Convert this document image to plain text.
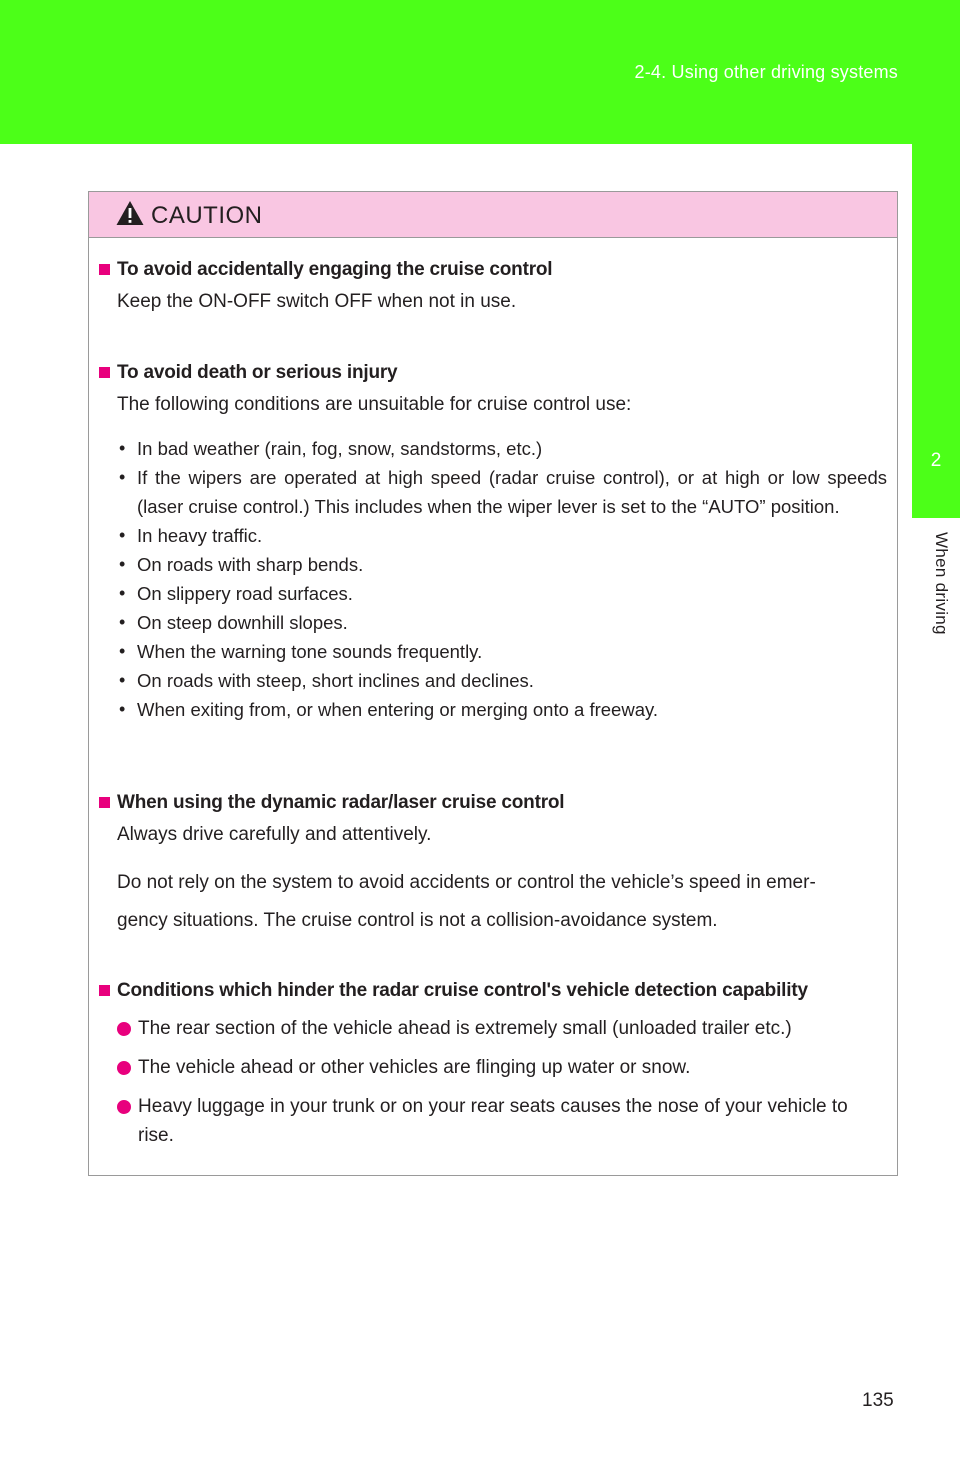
2-4. Using other driving systems
2
When driving
CAUTION
To avoid accidentally engaging the cruise control
Keep the ON-OFF switch OFF when not in use.
To avoid death or serious injury
The following conditions are unsuitable for cruise control use:
• In bad weather (rain, fog, snow, sandstorms, etc.)
• If the wipers are operated at high speed (radar cruise control), or at high or low speeds (laser cruise control.) This includes when the wiper lever is set to the “AUTO” position.
• In heavy traffic.
• On roads with sharp bends.
• On slippery road surfaces.
• On steep downhill slopes.
• When the warning tone sounds frequently.
• On roads with steep, short inclines and declines.
• When exiting from, or when entering or merging onto a freeway.
When using the dynamic radar/laser cruise control
Always drive carefully and attentively.
Do not rely on the system to avoid accidents or control the vehicle’s speed in emer-
gency situations. The cruise control is not a collision-avoidance system.
Conditions which hinder the radar cruise control's vehicle detection capability
The rear section of the vehicle ahead is extremely small (unloaded trailer etc.)
The vehicle ahead or other vehicles are flinging up water or snow.
Heavy luggage in your trunk or on your rear seats causes the nose of your vehicle to rise.
135
